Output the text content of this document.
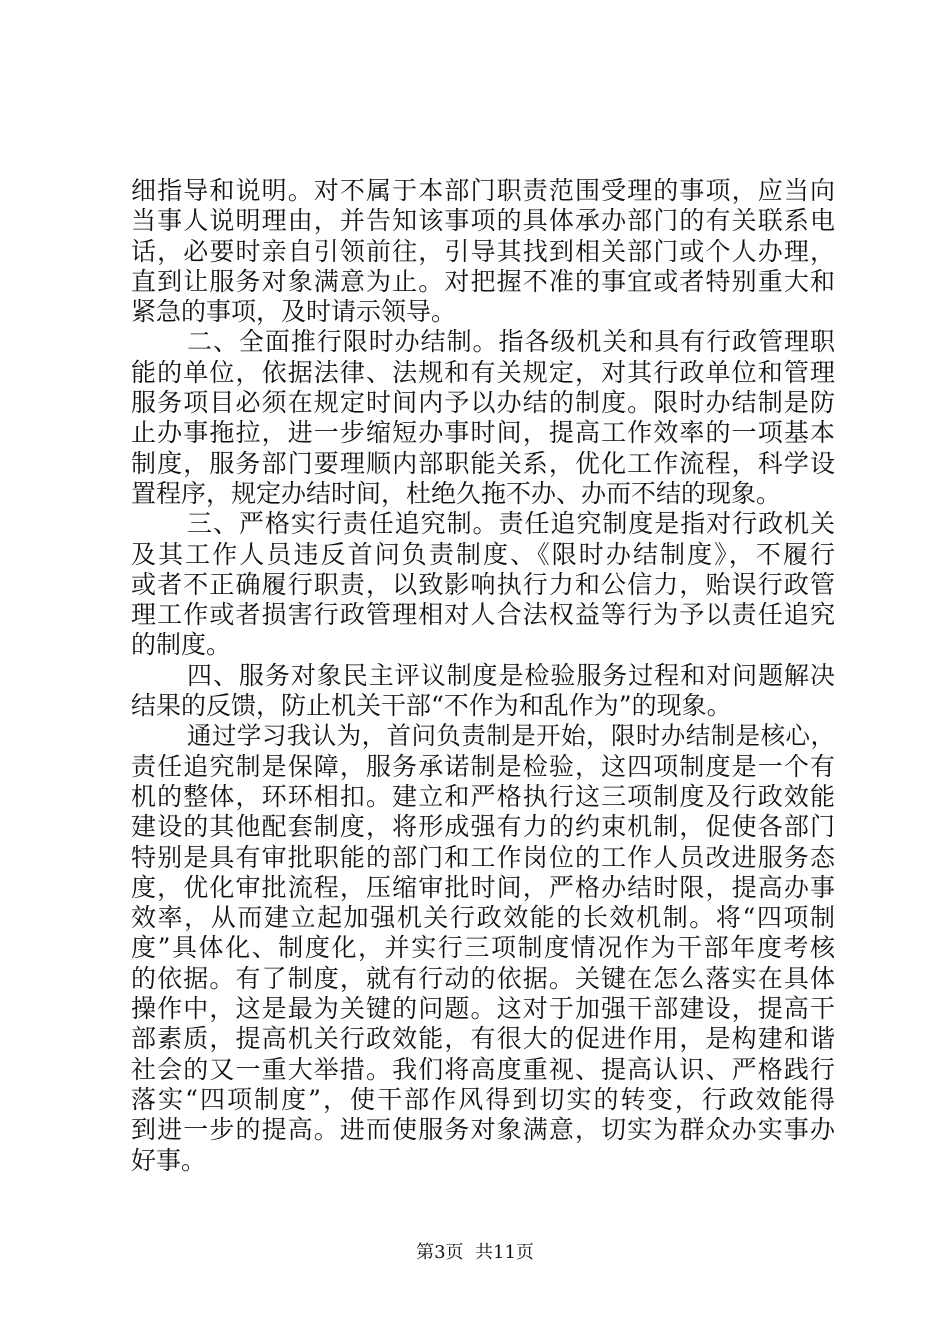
细指导和说明。对不属于本部门职责范围受理的事项，应当向
当事人说明理由，并告知该事项的具体承办部门的有关联系电
话，必要时亲自引领前往，引导其找到相关部门或个人办理，
直到让服务对象满意为止。对把握不准的事宜或者特别重大和
紧急的事项，及时请示领导。
二、全面推行限时办结制。指各级机关和具有行政管理职
能的单位，依据法律、法规和有关规定，对其行政单位和管理
服务项目必须在规定时间内予以办结的制度。限时办结制是防
止办事拖拉，进一步缩短办事时间，提高工作效率的一项基本
制度，服务部门要理顺内部职能关系，优化工作流程，科学设
置程序，规定办结时间，杜绝久拖不办、办而不结的现象。
三、严格实行责任追究制。责任追究制度是指对行政机关
及其工作人员违反首问负责制度、《限时办结制度》，不履行
或者不正确履行职责，以致影响执行力和公信力，贻误行政管
理工作或者损害行政管理相对人合法权益等行为予以责任追究
的制度。
四、服务对象民主评议制度是检验服务过程和对问题解决
结果的反馈，防止机关干部“不作为和乱作为”的现象。
通过学习我认为，首问负责制是开始，限时办结制是核心，
责任追究制是保障，服务承诺制是检验，这四项制度是一个有
机的整体，环环相扣。建立和严格执行这三项制度及行政效能
建设的其他配套制度，将形成强有力的约束机制，促使各部门
特别是具有审批职能的部门和工作岗位的工作人员改进服务态
度，优化审批流程，压缩审批时间，严格办结时限，提高办事
效率，从而建立起加强机关行政效能的长效机制。将“四项制
度”具体化、制度化，并实行三项制度情况作为干部年度考核
的依据。有了制度，就有行动的依据。关键在怎么落实在具体
操作中，这是最为关键的问题。这对于加强干部建设，提高干
部素质，提高机关行政效能，有很大的促进作用，是构建和谐
社会的又一重大举措。我们将高度重视、提高认识、严格践行
落实“四项制度”，使干部作风得到切实的转变，行政效能得
到进一步的提高。进而使服务对象满意，切实为群众办实事办
好事。
第3页  共11页
